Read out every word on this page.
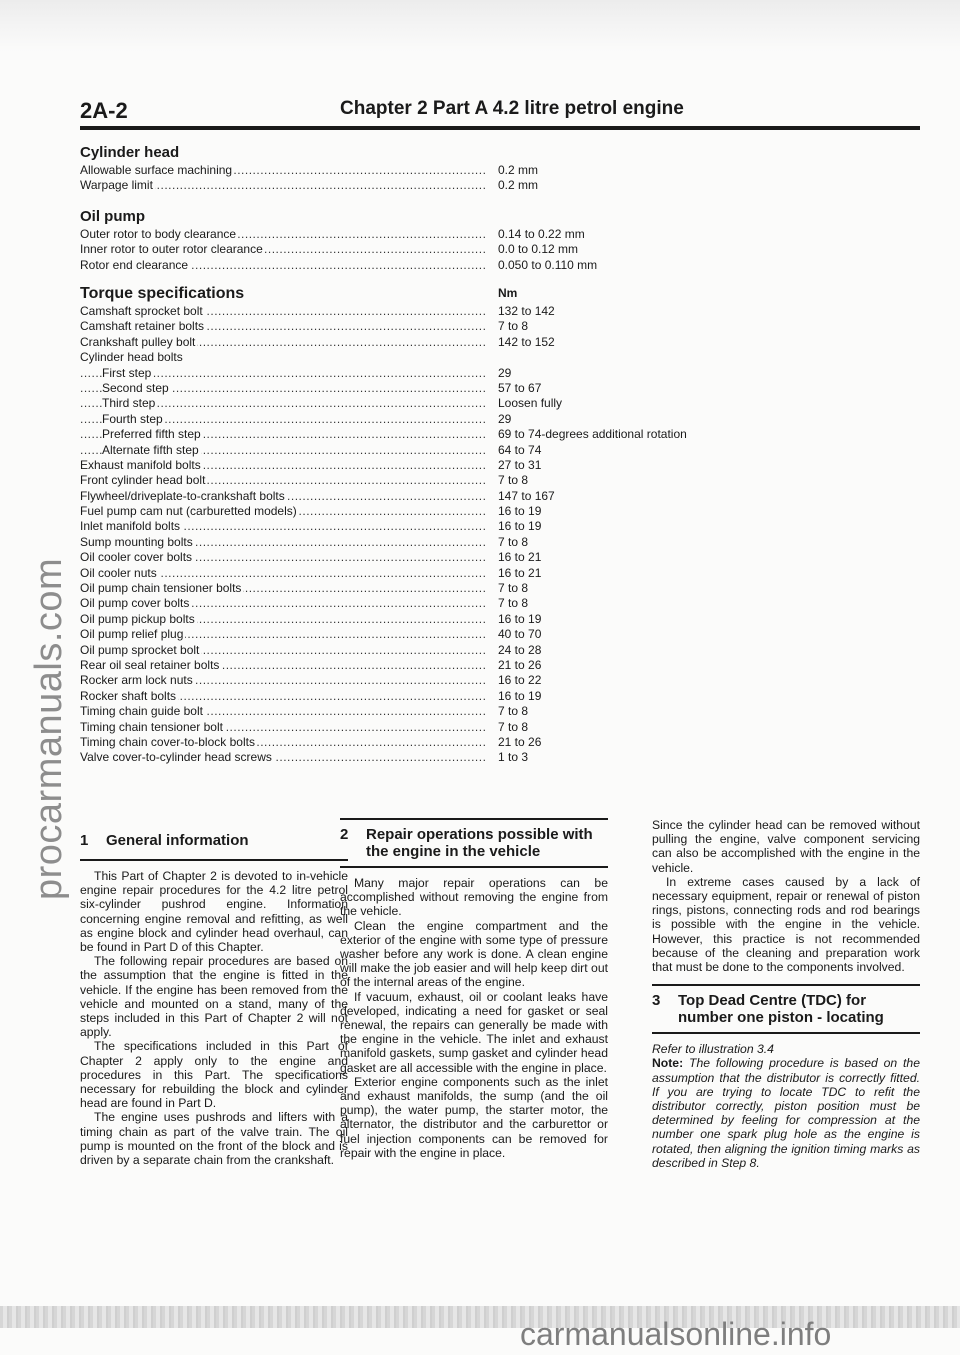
procarmanuals.com
2A-2	Chapter 2 Part A 4.2 litre petrol engine
Cylinder head
Allowable surface machining .....	0.2 mm
Warpage limit .....	0.2 mm
Oil pump
Outer rotor to body clearance .....	0.14 to 0.22 mm
Inner rotor to outer rotor clearance .....	0.0 to 0.12 mm
Rotor end clearance .....	0.050 to 0.110 mm
Torque specifications	Nm
Camshaft sprocket bolt .....	132 to 142
Camshaft retainer bolts .....	7 to 8
Crankshaft pulley bolt .....	142 to 152
Cylinder head bolts
First step .....	29
Second step .....	57 to 67
Third step .....	Loosen fully
Fourth step .....	29
Preferred fifth step .....	69 to 74-degrees additional rotation
Alternate fifth step .....	64 to 74
Exhaust manifold bolts .....	27 to 31
Front cylinder head bolt .....	7 to 8
Flywheel/driveplate-to-crankshaft bolts .....	147 to 167
Fuel pump cam nut (carburetted models) .....	16 to 19
Inlet manifold bolts .....	16 to 19
Sump mounting bolts .....	7 to 8
Oil cooler cover bolts .....	16 to 21
Oil cooler nuts .....	16 to 21
Oil pump chain tensioner bolts .....	7 to 8
Oil pump cover bolts .....	7 to 8
Oil pump pickup bolts .....	16 to 19
Oil pump relief plug .....	40 to 70
Oil pump sprocket bolt .....	24 to 28
Rear oil seal retainer bolts .....	21 to 26
Rocker arm lock nuts .....	16 to 22
Rocker shaft bolts .....	16 to 19
Timing chain guide bolt .....	7 to 8
Timing chain tensioner bolt .....	7 to 8
Timing chain cover-to-block bolts .....	21 to 26
Valve cover-to-cylinder head screws .....	1 to 3
1	General information

This Part of Chapter 2 is devoted to in-vehicle engine repair procedures for the 4.2 litre petrol six-cylinder pushrod engine. Information concerning engine removal and refitting, as well as engine block and cylinder head overhaul, can be found in Part D of this Chapter.

The following repair procedures are based on the assumption that the engine is fitted in the vehicle. If the engine has been removed from the vehicle and mounted on a stand, many of the steps included in this Part of Chapter 2 will not apply.

The specifications included in this Part of Chapter 2 apply only to the engine and procedures in this Part. The specifications necessary for rebuilding the block and cylinder head are found in Part D.

The engine uses pushrods and lifters with a timing chain as part of the valve train. The oil pump is mounted on the front of the block and is driven by a separate chain from the crankshaft.

2	Repair operations possible with the engine in the vehicle

Many major repair operations can be accomplished without removing the engine from the vehicle.

Clean the engine compartment and the exterior of the engine with some type of pressure washer before any work is done. A clean engine will make the job easier and will help keep dirt out of the internal areas of the engine.

If vacuum, exhaust, oil or coolant leaks have developed, indicating a need for gasket or seal renewal, the repairs can generally be made with the engine in the vehicle. The inlet and exhaust manifold gaskets, sump gasket and cylinder head gasket are all accessible with the engine in place.

Exterior engine components such as the inlet and exhaust manifolds, the sump (and the oil pump), the water pump, the starter motor, the alternator, the distributor and the carburettor or fuel injection components can be removed for repair with the engine in place.

Since the cylinder head can be removed without pulling the engine, valve component servicing can also be accomplished with the engine in the vehicle.

In extreme cases caused by a lack of necessary equipment, repair or renewal of piston rings, pistons, connecting rods and rod bearings is possible with the engine in the vehicle. However, this practice is not recommended because of the cleaning and preparation work that must be done to the components involved.

3	Top Dead Centre (TDC) for number one piston - locating

Refer to illustration 3.4

Note: The following procedure is based on the assumption that the distributor is correctly fitted. If you are trying to locate TDC to refit the distributor correctly, piston position must be determined by feeling for compression at the number one spark plug hole as the engine is rotated, then aligning the ignition timing marks as described in Step 8.

carmanualsonline.info
